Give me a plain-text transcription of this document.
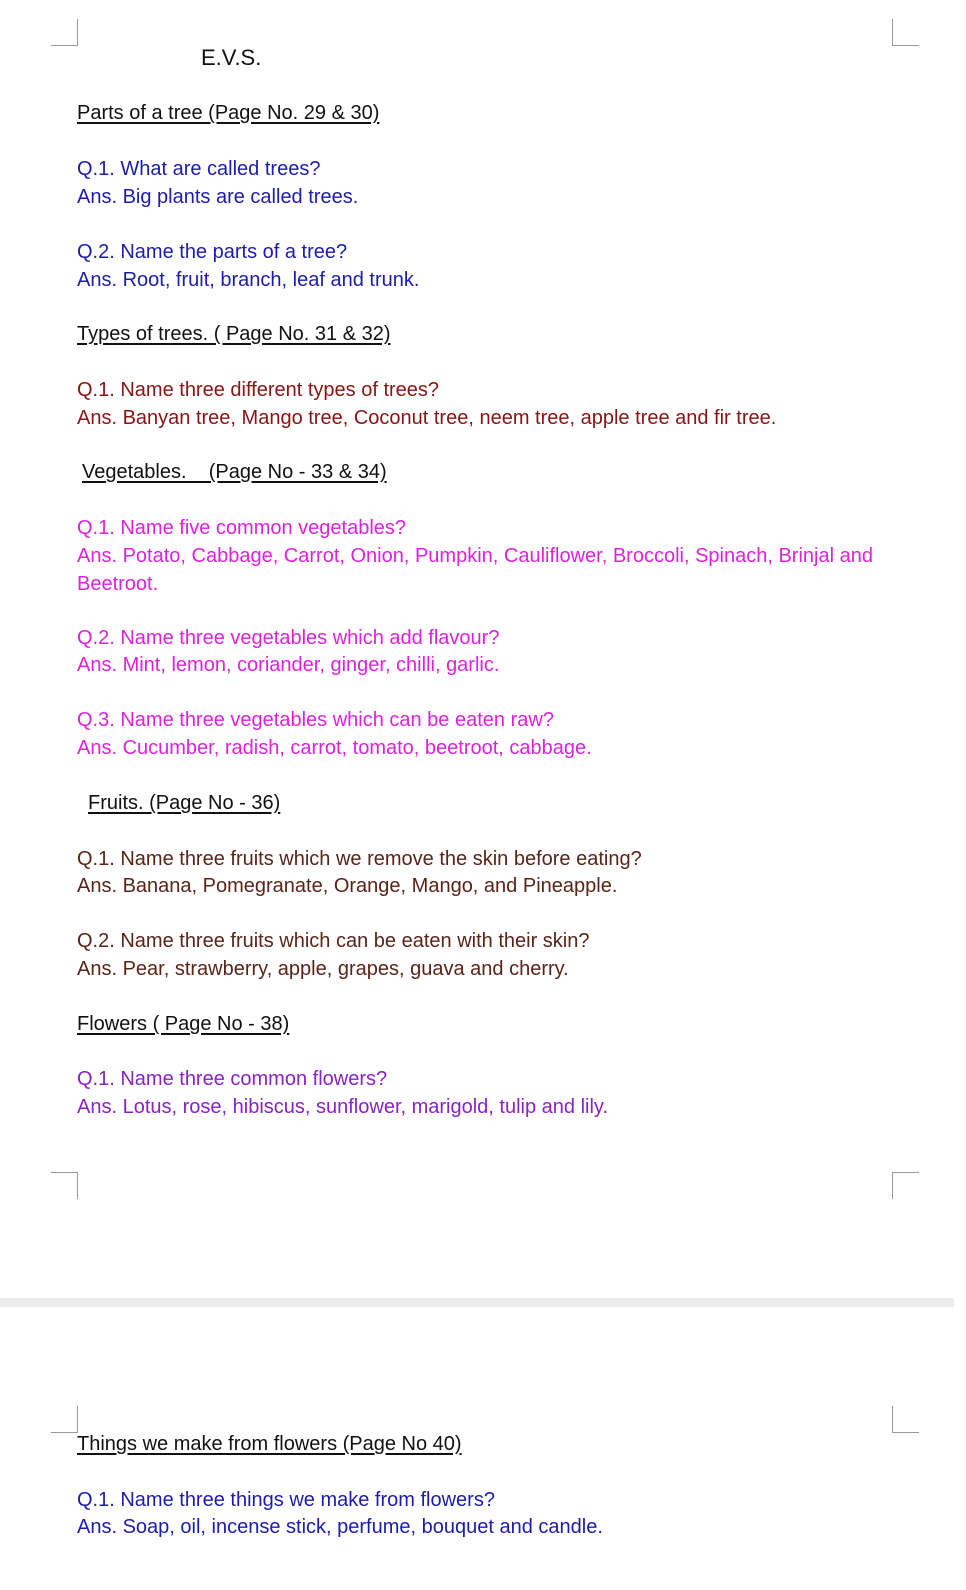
E.V.S.
Parts of a tree (Page No. 29 & 30)
Q.1. What are called trees?
Ans. Big plants are called trees.
Q.2. Name the parts of a tree?
Ans. Root, fruit, branch, leaf and trunk.
Types of trees. ( Page No. 31 & 32)
Q.1. Name three different types of trees?
Ans. Banyan tree, Mango tree, Coconut tree, neem tree, apple tree and fir tree.
Vegetables.    (Page No - 33 & 34)
Q.1. Name five common vegetables?
Ans. Potato, Cabbage, Carrot, Onion, Pumpkin, Cauliflower, Broccoli, Spinach, Brinjal and
Beetroot.
Q.2. Name three vegetables which add flavour?
Ans. Mint, lemon, coriander, ginger, chilli, garlic.
Q.3. Name three vegetables which can be eaten raw?
Ans. Cucumber, radish, carrot, tomato, beetroot, cabbage.
Fruits. (Page No - 36)
Q.1. Name three fruits which we remove the skin before eating?
Ans. Banana, Pomegranate, Orange, Mango, and Pineapple.
Q.2. Name three fruits which can be eaten with their skin?
Ans. Pear, strawberry, apple, grapes, guava and cherry.
Flowers ( Page No - 38)
Q.1. Name three common flowers?
Ans. Lotus, rose, hibiscus, sunflower, marigold, tulip and lily.
Things we make from flowers (Page No 40)
Q.1. Name three things we make from flowers?
Ans. Soap, oil, incense stick, perfume, bouquet and candle.
